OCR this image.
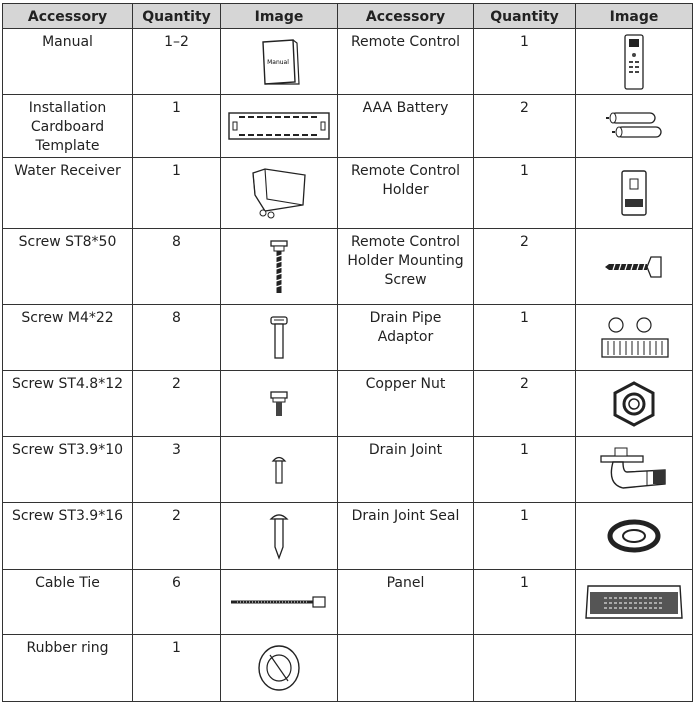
Accessory	Quantity	Image	Accessory	Quantity	Image
Manual	1–2	Manual	Remote Control	1	

Installation Cardboard Template	1		AAA Battery	2	

Water Receiver	1		Remote Control Holder	1	

Screw ST8*50	8		Remote Control Holder Mounting Screw	2	

Screw M4*22	8		Drain Pipe Adaptor	1	

Screw ST4.8*12	2		Copper Nut	2	

Screw ST3.9*10	3		Drain Joint	1	

Screw ST3.9*16	2		Drain Joint Seal	1	

Cable Tie	6		Panel	1	

Rubber ring	1	
